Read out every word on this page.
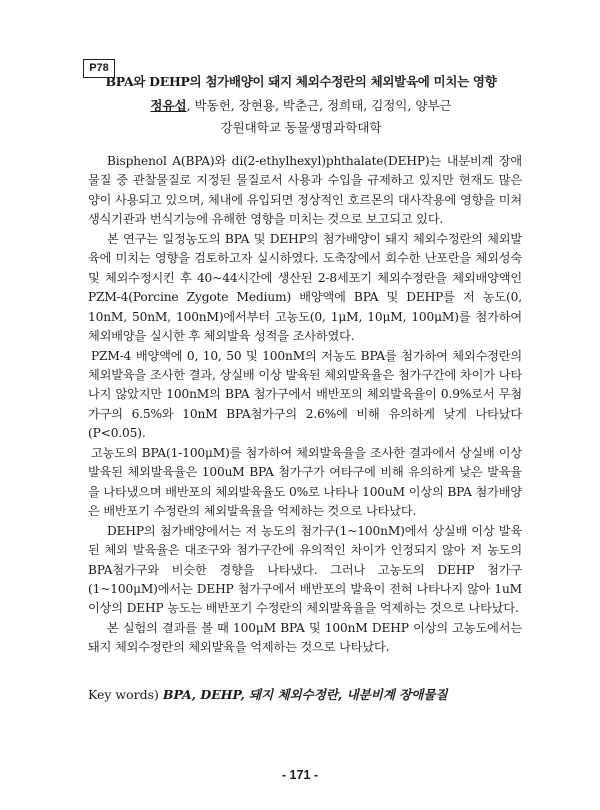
P78
BPA와 DEHP의 첨가배양이 돼지 체외수정란의 체외발육에 미치는 영향
정유섭, 박동헌, 장현용, 박춘근, 정희태, 김정익, 양부근
강원대학교 동물생명과학대학

Bisphenol A(BPA)와 di(2-ethylhexyl)phthalate(DEHP)는 내분비계 장애물질 중 관찰물질로 지정된 물질로서 사용과 수입을 규제하고 있지만 현재도 많은 양이 사용되고 있으며, 체내에 유입되면 정상적인 호르몬의 대사작용에 영향을 미쳐 생식기관과 번식기능에 유해한 영향을 미치는 것으로 보고되고 있다.

본 연구는 일정농도의 BPA 및 DEHP의 첨가배양이 돼지 체외수정란의 체외발육에 미치는 영향을 검토하고자 실시하였다. 도축장에서 회수한 난포란을 체외성숙 및 체외수정시킨 후 40~44시간에 생산된 2-8세포기 체외수정란을 체외배양액인 PZM-4(Porcine Zygote Medium) 배양액에 BPA 및 DEHP를 저 농도(0, 10nM, 50nM, 100nM)에서부터 고농도(0, 1μM, 10μM, 100μM)를 첨가하여 체외배양을 실시한 후 체외발육 성적을 조사하였다.

PZM-4 배양액에 0, 10, 50 및 100nM의 저농도 BPA를 첨가하여 체외수정란의 체외발육을 조사한 결과, 상실배 이상 발육된 체외발육율은 첨가구간에 차이가 나타나지 않았지만 100nM의 BPA 첨가구에서 배반포의 체외발육율이 0.9%로서 무첨가구의 6.5%와 10nM BPA첨가구의 2.6%에 비해 유의하게 낮게 나타났다(P<0.05).

고농도의 BPA(1-100μM)를 첨가하여 체외발육율을 조사한 결과에서 상실배 이상 발육된 체외발육율은 100uM BPA 첨가구가 여타구에 비해 유의하게 낮은 발육율을 나타냈으며 배반포의 체외발육율도 0%로 나타나 100uM 이상의 BPA 첨가배양은 배반포기 수정란의 체외발육율을 억제하는 것으로 나타났다.

DEHP의 첨가배양에서는 저 농도의 첨가구(1~100nM)에서 상실배 이상 발육된 체외 발육율은 대조구와 첨가구간에 유의적인 차이가 인정되지 않아 저 농도의 BPA첨가구와 비슷한 경향을 나타냈다. 그러나 고농도의 DEHP 첨가구(1~100μM)에서는 DEHP 첨가구에서 배반포의 발육이 전혀 나타나지 않아 1uM 이상의 DEHP 농도는 배반포기 수정란의 체외발육율을 억제하는 것으로 나타났다.

본 실험의 결과를 볼 때 100μM BPA 및 100nM DEHP 이상의 고농도에서는 돼지 체외수정란의 체외발육을 억제하는 것으로 나타났다.

Key words) BPA, DEHP, 돼지 체외수정란, 내분비계 장애물질
- 171 -
